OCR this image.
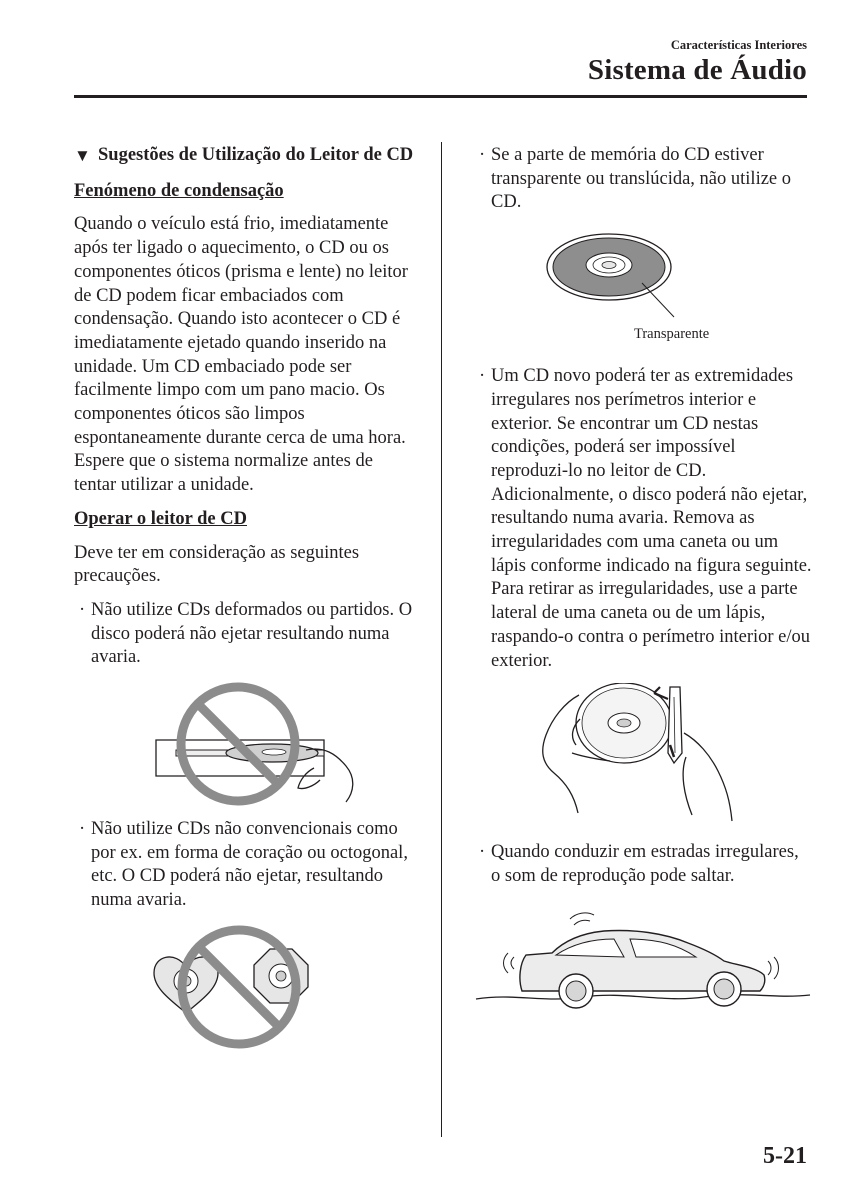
Características Interiores
Sistema de Áudio
▼ Sugestões de Utilização do Leitor de CD
Fenómeno de condensação
Quando o veículo está frio, imediatamente após ter ligado o aquecimento, o CD ou os componentes óticos (prisma e lente) no leitor de CD podem ficar embaciados com condensação. Quando isto acontecer o CD é imediatamente ejetado quando inserido na unidade. Um CD embaciado pode ser facilmente limpo com um pano macio. Os componentes óticos são limpos espontaneamente durante cerca de uma hora. Espere que o sistema normalize antes de tentar utilizar a unidade.
Operar o leitor de CD
Deve ter em consideração as seguintes precauções.
· Não utilize CDs deformados ou partidos. O disco poderá não ejetar resultando numa avaria.
· Não utilize CDs não convencionais como por ex. em forma de coração ou octogonal, etc. O CD poderá não ejetar, resultando numa avaria.
· Se a parte de memória do CD estiver transparente ou translúcida, não utilize o CD.
Transparente
· Um CD novo poderá ter as extremidades irregulares nos perímetros interior e exterior. Se encontrar um CD nestas condições, poderá ser impossível reproduzi-lo no leitor de CD. Adicionalmente, o disco poderá não ejetar, resultando numa avaria. Remova as irregularidades com uma caneta ou um lápis conforme indicado na figura seguinte. Para retirar as irregularidades, use a parte lateral de uma caneta ou de um lápis, raspando-o contra o perímetro interior e/ou exterior.
· Quando conduzir em estradas irregulares, o som de reprodução pode saltar.
5-21
